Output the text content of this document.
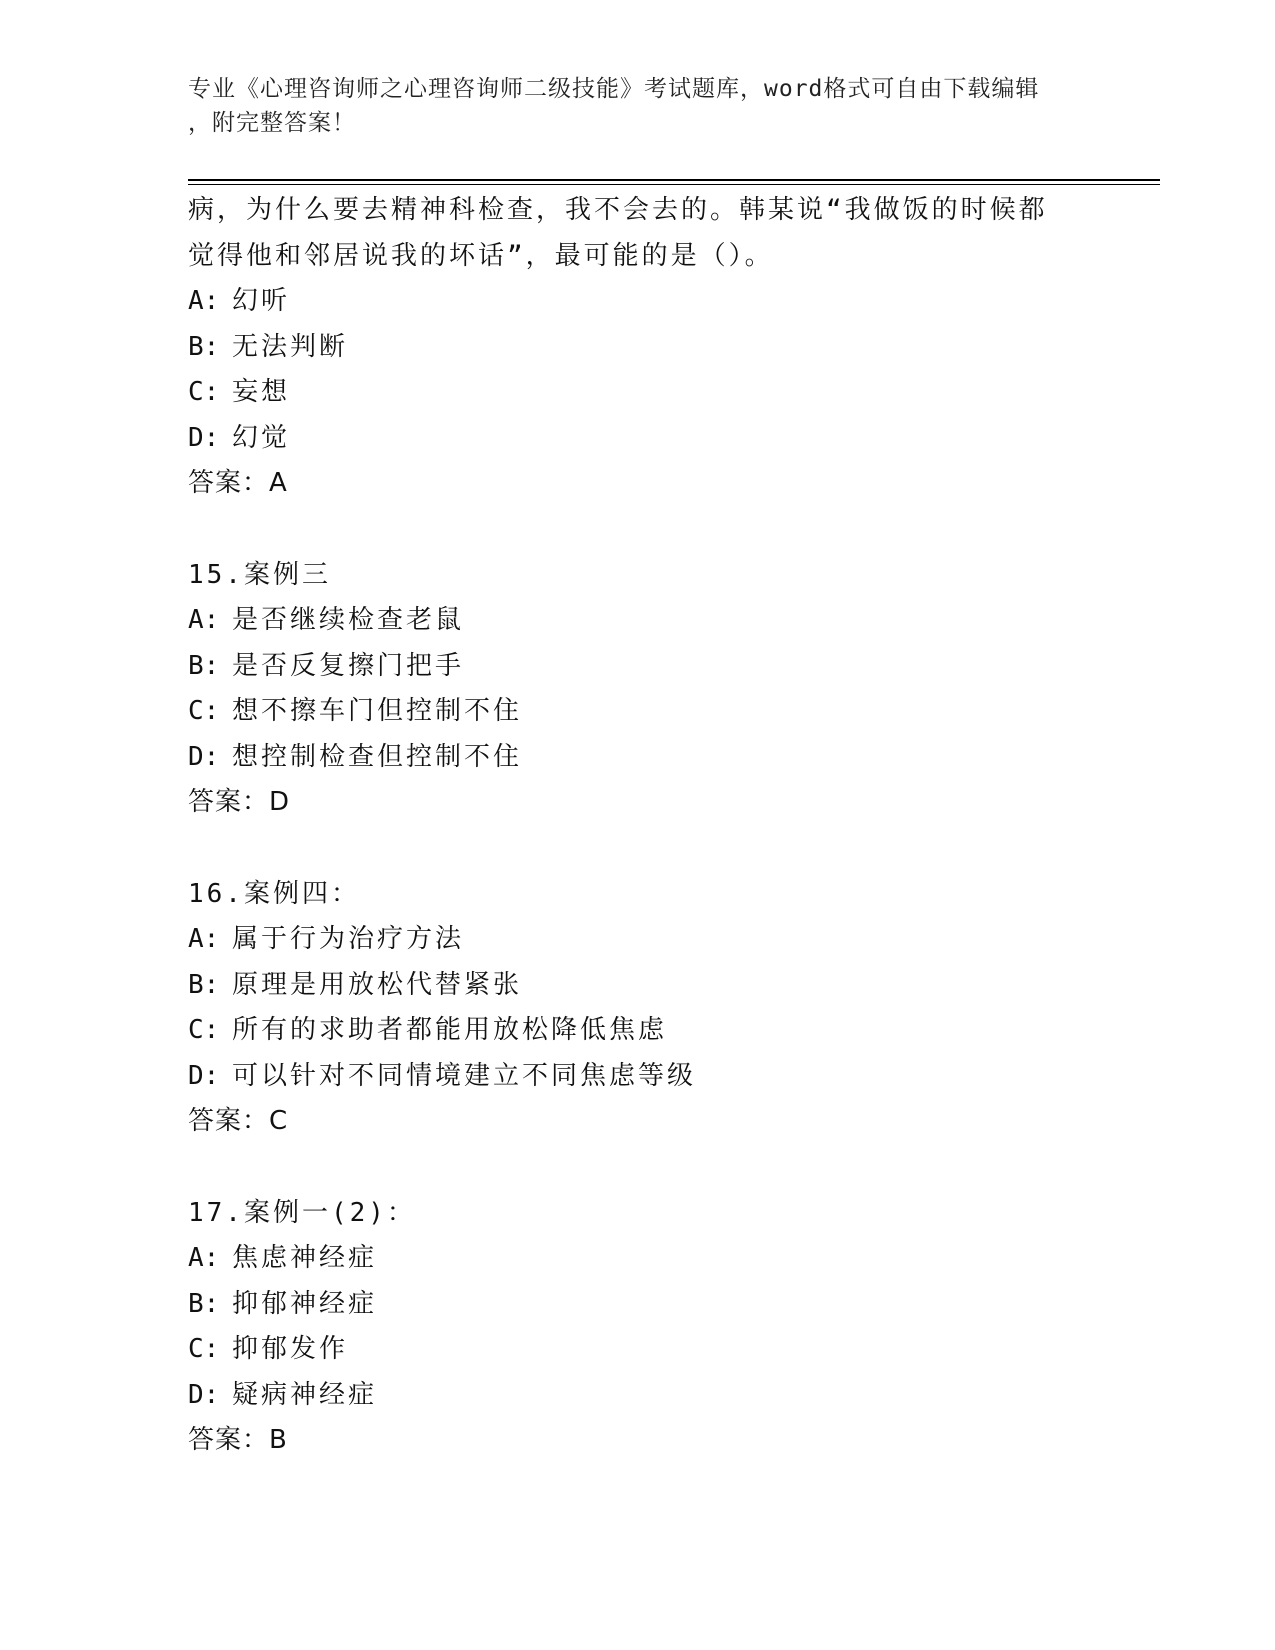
专业《心理咨询师之心理咨询师二级技能》考试题库，word格式可自由下载编辑
，附完整答案！
病，为什么要去精神科检查，我不会去的。韩某说“我做饭的时候都
觉得他和邻居说我的坏话”，最可能的是（）。
A: 幻听
B: 无法判断
C: 妄想
D: 幻觉
答案：A
15.案例三
A: 是否继续检查老鼠
B: 是否反复擦门把手
C: 想不擦车门但控制不住
D: 想控制检查但控制不住
答案：D
16.案例四：
A: 属于行为治疗方法
B: 原理是用放松代替紧张
C: 所有的求助者都能用放松降低焦虑
D: 可以针对不同情境建立不同焦虑等级
答案：C
17.案例一(2)：
A: 焦虑神经症
B: 抑郁神经症
C: 抑郁发作
D: 疑病神经症
答案：B
